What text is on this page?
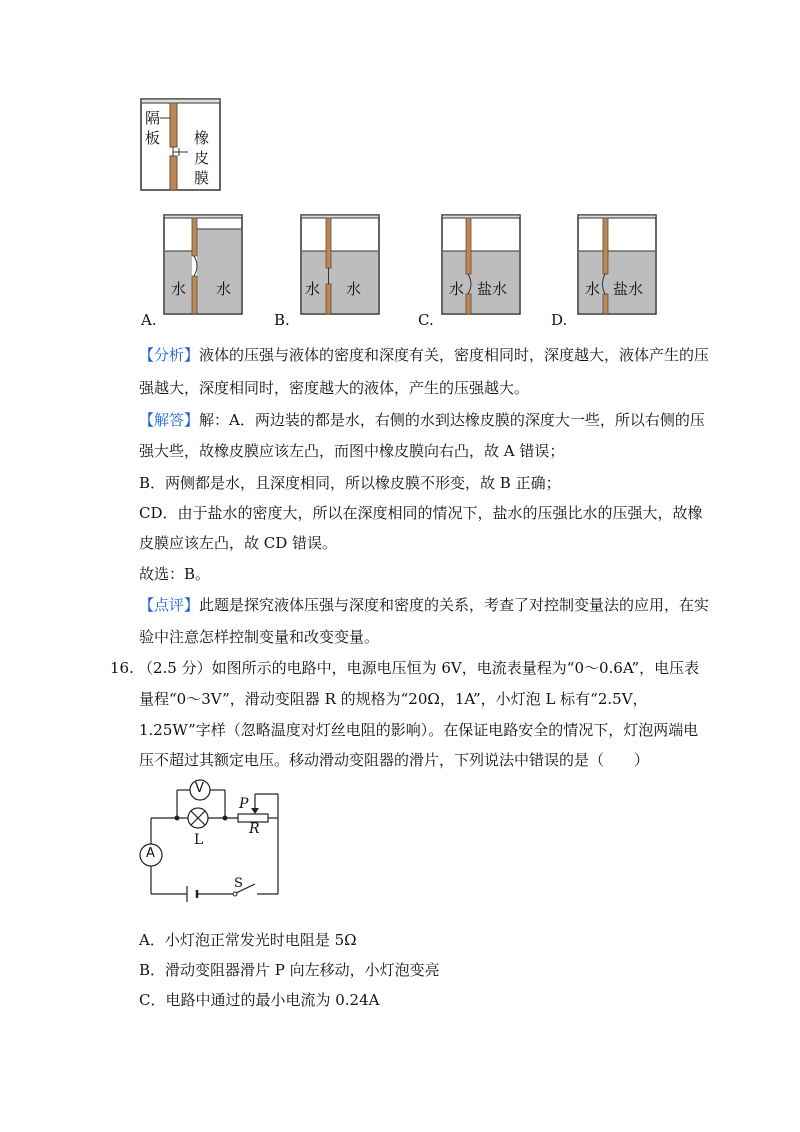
隔板 橡皮膜
水 水	水 水	水 盐水	水 盐水
A.	B.	C.	D.
【分析】液体的压强与液体的密度和深度有关，密度相同时，深度越大，液体产生的压
强越大，深度相同时，密度越大的液体，产生的压强越大。
【解答】解：A．两边装的都是水，右侧的水到达橡皮膜的深度大一些，所以右侧的压
强大些，故橡皮膜应该左凸，而图中橡皮膜向右凸，故 A 错误；
B．两侧都是水，且深度相同，所以橡皮膜不形变，故 B 正确；
CD．由于盐水的密度大，所以在深度相同的情况下，盐水的压强比水的压强大，故橡
皮膜应该左凸，故 CD 错误。
故选：B。
【点评】此题是探究液体压强与深度和密度的关系，考查了对控制变量法的应用，在实
验中注意怎样控制变量和改变变量。
16. （2.5 分）如图所示的电路中，电源电压恒为 6V，电流表量程为“0～0.6A”，电压表
量程“0～3V”，滑动变阻器 R 的规格为“20Ω，1A”，小灯泡 L 标有“2.5V，
1.25W”字样（忽略温度对灯丝电阻的影响）。在保证电路安全的情况下，灯泡两端电
压不超过其额定电压。移动滑动变阻器的滑片，下列说法中错误的是（　　）
V
A
L
P
R
S
A．小灯泡正常发光时电阻是 5Ω
B．滑动变阻器滑片 P 向左移动，小灯泡变亮
C．电路中通过的最小电流为 0.24A
